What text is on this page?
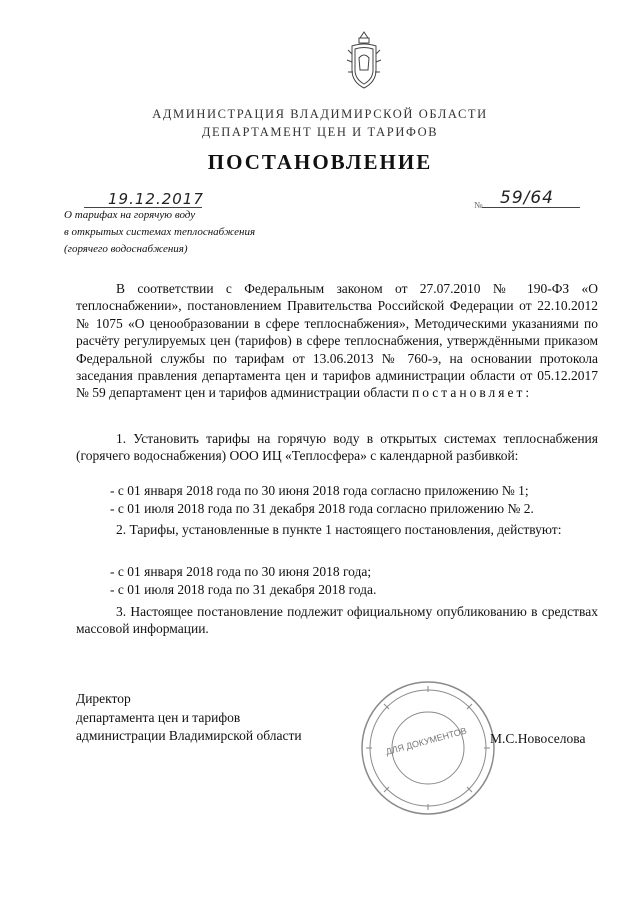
АДМИНИСТРАЦИЯ ВЛАДИМИРСКОЙ ОБЛАСТИ
ДЕПАРТАМЕНТ ЦЕН И ТАРИФОВ
ПОСТАНОВЛЕНИЕ
19.12.2017	№ 59/64
О тарифах на горячую воду
в открытых системах теплоснабжения
(горячего водоснабжения)
В соответствии с Федеральным законом от 27.07.2010 № 190-ФЗ «О теплоснабжении», постановлением Правительства Российской Федерации от 22.10.2012 № 1075 «О ценообразовании в сфере теплоснабжения», Методическими указаниями по расчёту регулируемых цен (тарифов) в сфере теплоснабжения, утверждёнными приказом Федеральной службы по тарифам от 13.06.2013 № 760-э, на основании протокола заседания правления департамента цен и тарифов администрации области от 05.12.2017 № 59 департамент цен и тарифов администрации области постановляет:
1. Установить тарифы на горячую воду в открытых системах теплоснабжения (горячего водоснабжения) ООО ИЦ «Теплосфера» с календарной разбивкой:
- с 01 января 2018 года по 30 июня 2018 года согласно приложению № 1;
- с 01 июля 2018 года по 31 декабря 2018 года согласно приложению № 2.
2. Тарифы, установленные в пункте 1 настоящего постановления, действуют:
- с 01 января 2018 года по 30 июня 2018 года;
- с 01 июля 2018 года по 31 декабря 2018 года.
3. Настоящее постановление подлежит официальному опубликованию в средствах массовой информации.
Директор
департамента цен и тарифов
администрации Владимирской области	ДЛЯ ДОКУМЕНТОВ М.С.Новоселова
